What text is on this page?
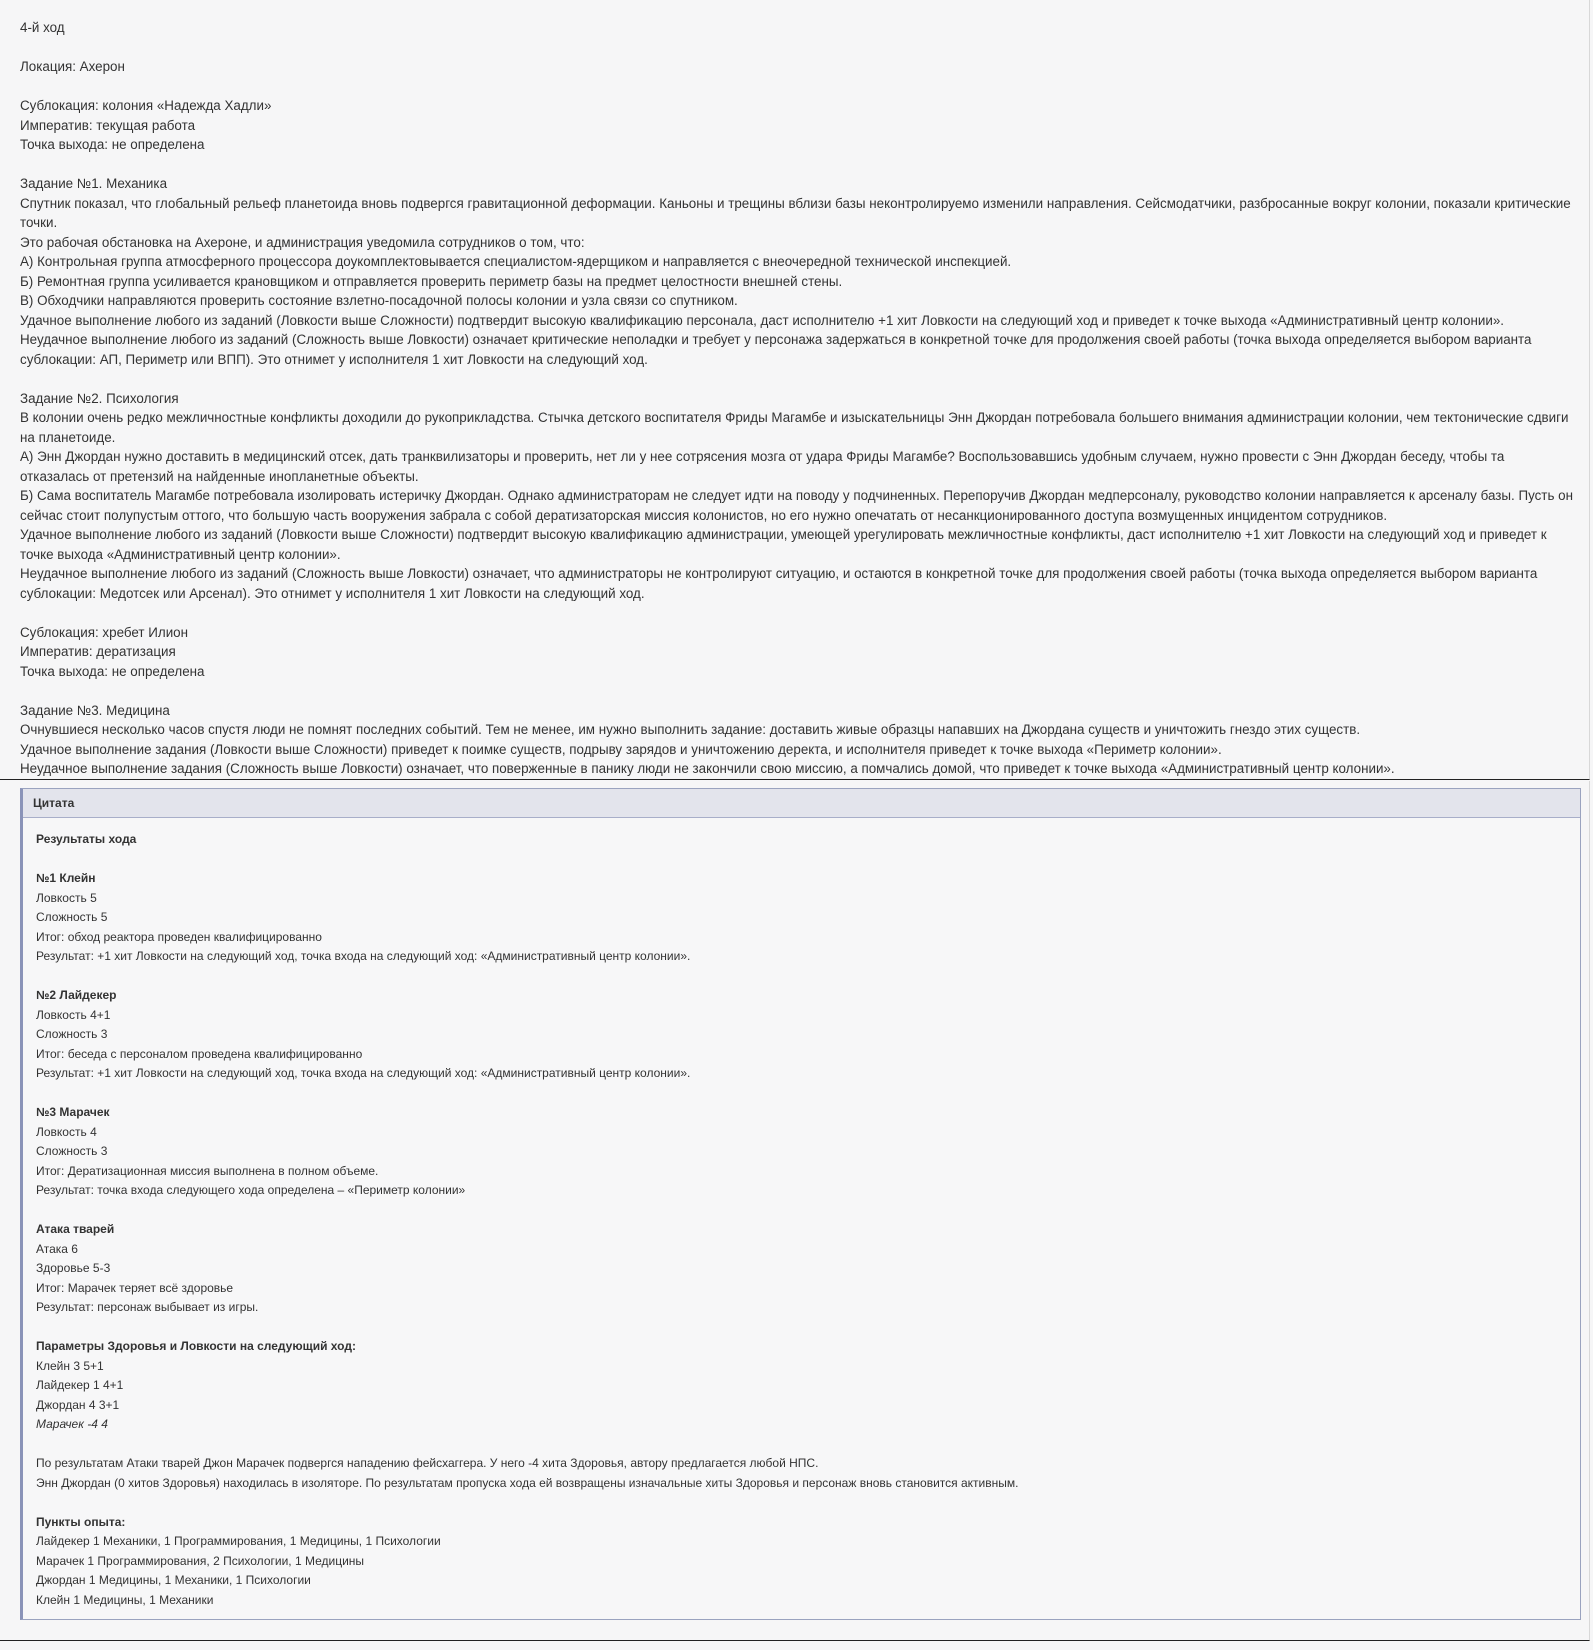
4-й ход

Локация: Ахерон

Сублокация: колония «Надежда Хадли»

Императив: текущая работа

Точка выхода: не определена

Задание №1. Механика

Спутник показал, что глобальный рельеф планетоида вновь подвергся гравитационной деформации. Каньоны и трещины вблизи базы неконтролируемо изменили направления. Сейсмодатчики, разбросанные вокруг колонии, показали критические точки.

Это рабочая обстановка на Ахероне, и администрация уведомила сотрудников о том, что:

А) Контрольная группа атмосферного процессора доукомплектовывается специалистом-ядерщиком и направляется с внеочередной технической инспекцией.

Б) Ремонтная группа усиливается крановщиком и отправляется проверить периметр базы на предмет целостности внешней стены.

В) Обходчики направляются проверить состояние взлетно-посадочной полосы колонии и узла связи со спутником.

Удачное выполнение любого из заданий (Ловкости выше Сложности) подтвердит высокую квалификацию персонала, даст исполнителю +1 хит Ловкости на следующий ход и приведет к точке выхода «Административный центр колонии».

Неудачное выполнение любого из заданий (Сложность выше Ловкости) означает критические неполадки и требует у персонажа задержаться в конкретной точке для продолжения своей работы (точка выхода определяется выбором варианта сублокации: АП, Периметр или ВПП). Это отнимет у исполнителя 1 хит Ловкости на следующий ход.

Задание №2. Психология

В колонии очень редко межличностные конфликты доходили до рукоприкладства. Стычка детского воспитателя Фриды Магамбе и изыскательницы Энн Джордан потребовала большего внимания администрации колонии, чем тектонические сдвиги на планетоиде.

А) Энн Джордан нужно доставить в медицинский отсек, дать транквилизаторы и проверить, нет ли у нее сотрясения мозга от удара Фриды Магамбе? Воспользовавшись удобным случаем, нужно провести с Энн Джордан беседу, чтобы та отказалась от претензий на найденные инопланетные объекты.

Б) Сама воспитатель Магамбе потребовала изолировать истеричку Джордан. Однако администраторам не следует идти на поводу у подчиненных. Перепоручив Джордан медперсоналу, руководство колонии направляется к арсеналу базы. Пусть он сейчас стоит полупустым оттого, что большую часть вооружения забрала с собой дератизаторская миссия колонистов, но его нужно опечатать от несанкционированного доступа возмущенных инцидентом сотрудников.

Удачное выполнение любого из заданий (Ловкости выше Сложности) подтвердит высокую квалификацию администрации, умеющей урегулировать межличностные конфликты, даст исполнителю +1 хит Ловкости на следующий ход и приведет к точке выхода «Административный центр колонии».

Неудачное выполнение любого из заданий (Сложность выше Ловкости) означает, что администраторы не контролируют ситуацию, и остаются в конкретной точке для продолжения своей работы (точка выхода определяется выбором варианта сублокации: Медотсек или Арсенал). Это отнимет у исполнителя 1 хит Ловкости на следующий ход.

Сублокация: хребет Илион

Императив: дератизация

Точка выхода: не определена

Задание №3. Медицина

Очнувшиеся несколько часов спустя люди не помнят последних событий. Тем не менее, им нужно выполнить задание: доставить живые образцы напавших на Джордана существ и уничтожить гнездо этих существ.

Удачное выполнение задания (Ловкости выше Сложности) приведет к поимке существ, подрыву зарядов и уничтожению деректа, и исполнителя приведет к точке выхода «Периметр колонии».

Неудачное выполнение задания (Сложность выше Ловкости) означает, что поверженные в панику люди не закончили свою миссию, а помчались домой, что приведет к точке выхода «Административный центр колонии».

Цитата

Результаты хода

№1 Клейн

Ловкость 5

Сложность 5

Итог: обход реактора проведен квалифицированно

Результат: +1 хит Ловкости на следующий ход, точка входа на следующий ход: «Административный центр колонии».

№2 Лайдекер

Ловкость 4+1

Сложность 3

Итог: беседа с персоналом проведена квалифицированно

Результат: +1 хит Ловкости на следующий ход, точка входа на следующий ход: «Административный центр колонии».

№3 Марачек

Ловкость 4

Сложность 3

Итог: Дератизационная миссия выполнена в полном объеме.

Результат: точка входа следующего хода определена – «Периметр колонии»

Атака тварей

Атака 6

Здоровье 5-3

Итог: Марачек теряет всё здоровье

Результат: персонаж выбывает из игры.

Параметры Здоровья и Ловкости на следующий ход:

Клейн 3 5+1

Лайдекер 1 4+1

Джордан 4 3+1

Марачек -4 4

По результатам Атаки тварей Джон Марачек подвергся нападению фейсхаггера. У него -4 хита Здоровья, автору предлагается любой НПС.

Энн Джордан (0 хитов Здоровья) находилась в изоляторе. По результатам пропуска хода ей возвращены изначальные хиты Здоровья и персонаж вновь становится активным.

Пункты опыта:

Лайдекер 1 Механики, 1 Программирования, 1 Медицины, 1 Психологии

Марачек 1 Программирования, 2 Психологии, 1 Медицины

Джордан 1 Медицины, 1 Механики, 1 Психологии

Клейн 1 Медицины, 1 Механики
